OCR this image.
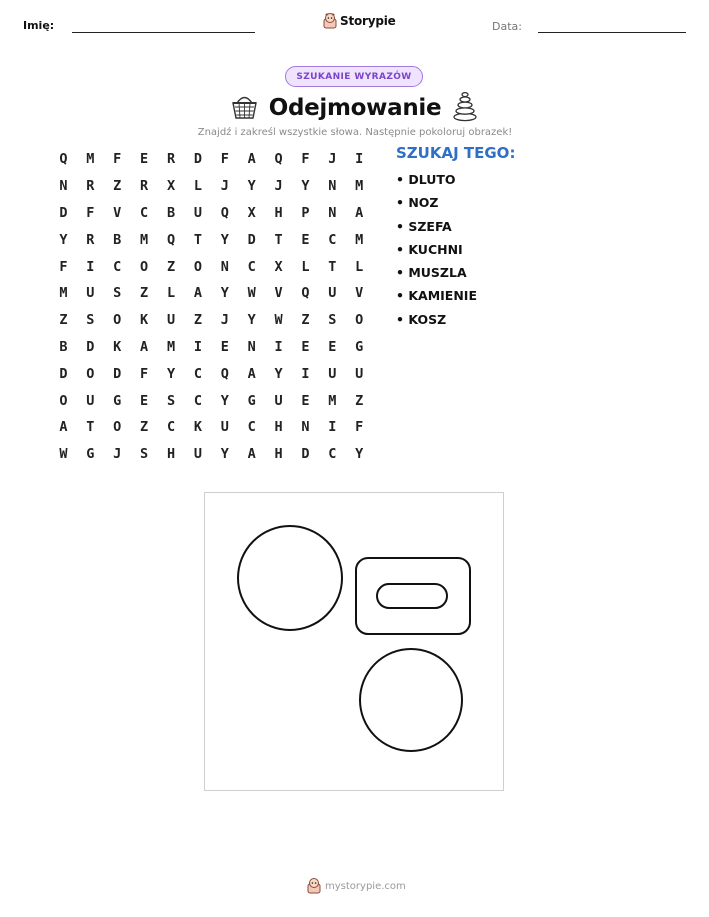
Imię:	Storypie	Data:
SZUKANIE WYRAZÓW
Odejmowanie
Znajdź i zakreśl wszystkie słowa. Następnie pokoloruj obrazek!
Q	M	F	E	R	D	F	A	Q	F	J	I
N	R	Z	R	X	L	J	Y	J	Y	N	M
D	F	V	C	B	U	Q	X	H	P	N	A
Y	R	B	M	Q	T	Y	D	T	E	C	M
F	I	C	O	Z	O	N	C	X	L	T	L
M	U	S	Z	L	A	Y	W	V	Q	U	V
Z	S	O	K	U	Z	J	Y	W	Z	S	O
B	D	K	A	M	I	E	N	I	E	E	G
D	O	D	F	Y	C	Q	A	Y	I	U	U
O	U	G	E	S	C	Y	G	U	E	M	Z
A	T	O	Z	C	K	U	C	H	N	I	F
W	G	J	S	H	U	Y	A	H	D	C	Y
SZUKAJ TEGO:
• DLUTO
• NOZ
• SZEFA
• KUCHNI
• MUSZLA
• KAMIENIE
• KOSZ
mystorypie.com
